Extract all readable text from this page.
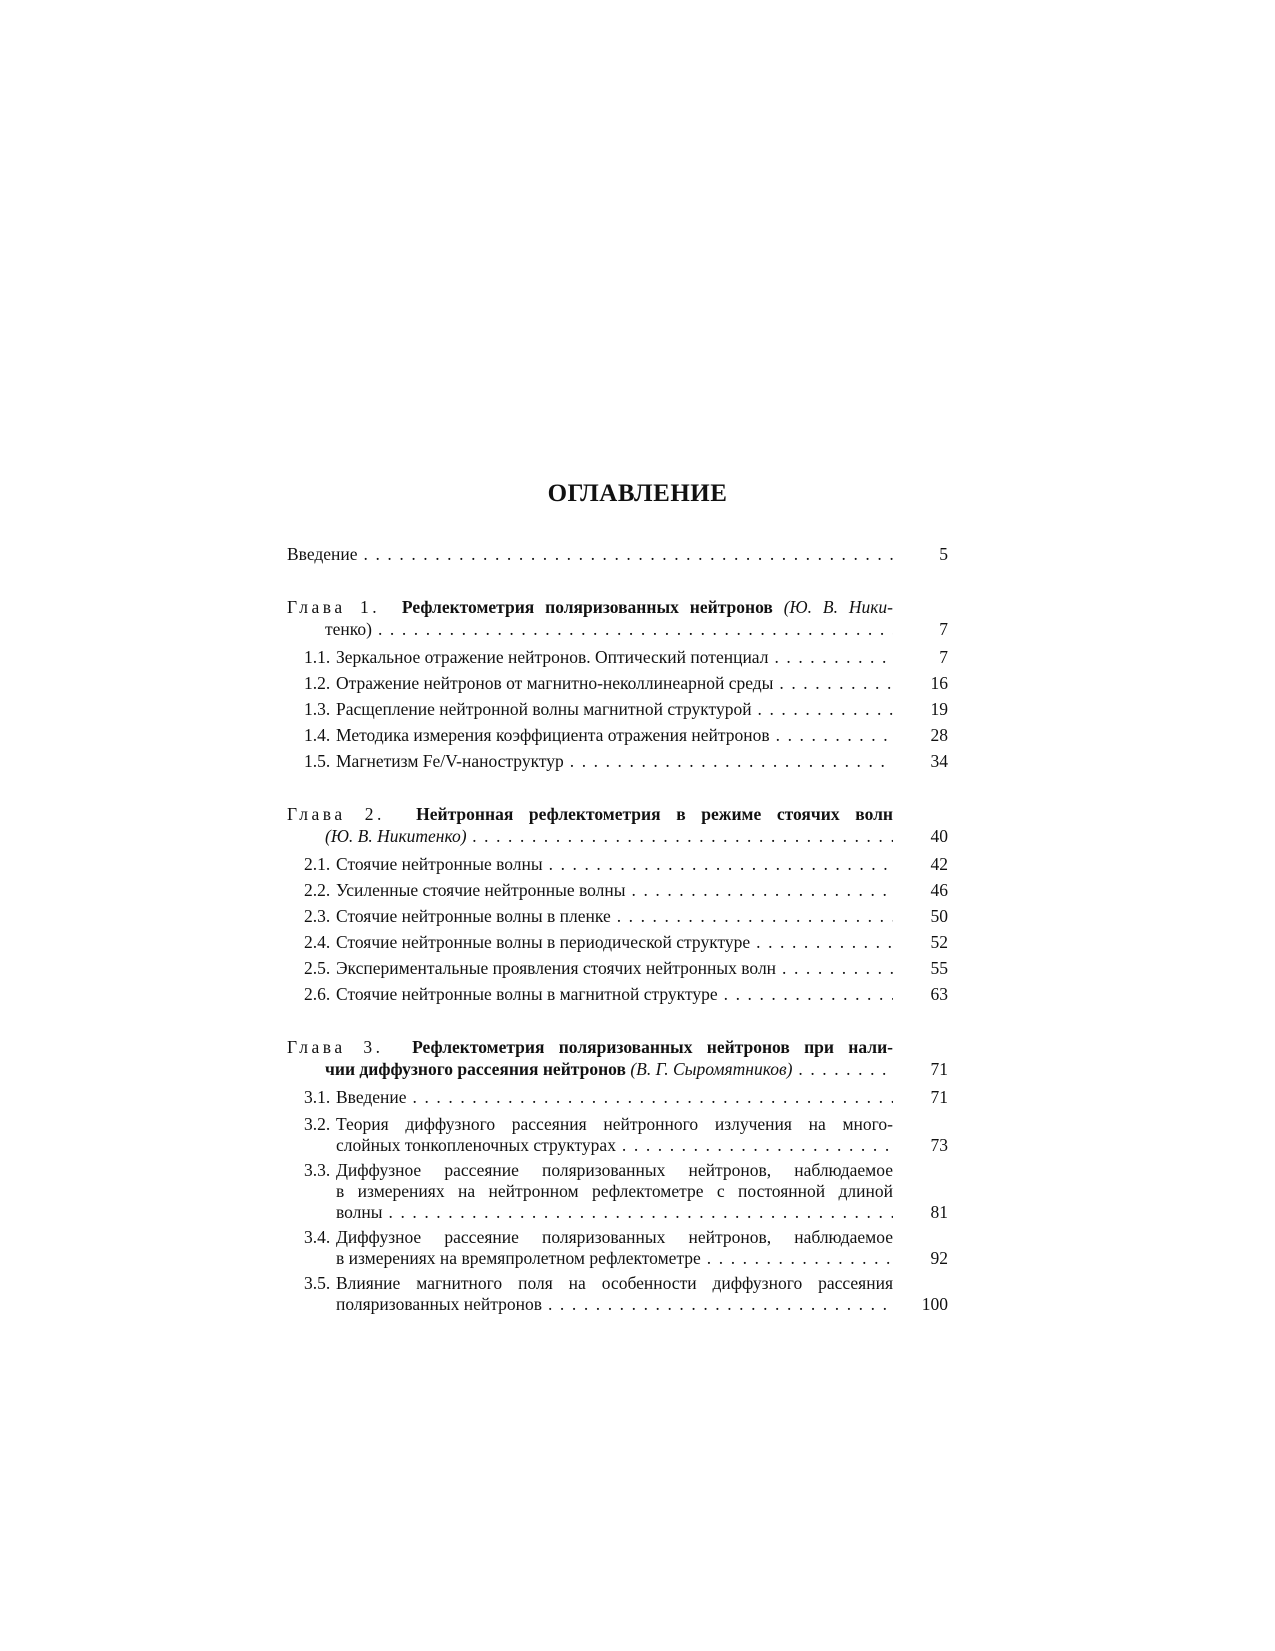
ОГЛАВЛЕНИЕ
Введение . . .	5
Глава 1. Рефлектометрия поляризованных нейтронов (Ю. В. Ники-
тенко) . . .	7
1.1. Зеркальное отражение нейтронов. Оптический потенциал . . .	7
1.2. Отражение нейтронов от магнитно-неколлинеарной среды . . .	16
1.3. Расщепление нейтронной волны магнитной структурой . . .	19
1.4. Методика измерения коэффициента отражения нейтронов . . .	28
1.5. Магнетизм Fe/V-наноструктур . . .	34
Глава 2. Нейтронная рефлектометрия в режиме стоячих волн
(Ю. В. Никитенко) . . .	40
2.1. Стоячие нейтронные волны . . .	42
2.2. Усиленные стоячие нейтронные волны . . .	46
2.3. Стоячие нейтронные волны в пленке . . .	50
2.4. Стоячие нейтронные волны в периодической структуре . . .	52
2.5. Экспериментальные проявления стоячих нейтронных волн . . .	55
2.6. Стоячие нейтронные волны в магнитной структуре . . .	63
Глава 3. Рефлектометрия поляризованных нейтронов при нали-
чии диффузного рассеяния нейтронов (В. Г. Сыромятников) . . .	71
3.1. Введение . . .	71
3.2. Теория диффузного рассеяния нейтронного излучения на много-
слойных тонкопленочных структурах . . .	73
3.3. Диффузное рассеяние поляризованных нейтронов, наблюдаемое
в измерениях на нейтронном рефлектометре с постоянной длиной
волны . . .	81
3.4. Диффузное рассеяние поляризованных нейтронов, наблюдаемое
в измерениях на времяпролетном рефлектометре . . .	92
3.5. Влияние магнитного поля на особенности диффузного рассеяния
поляризованных нейтронов . . .	100
